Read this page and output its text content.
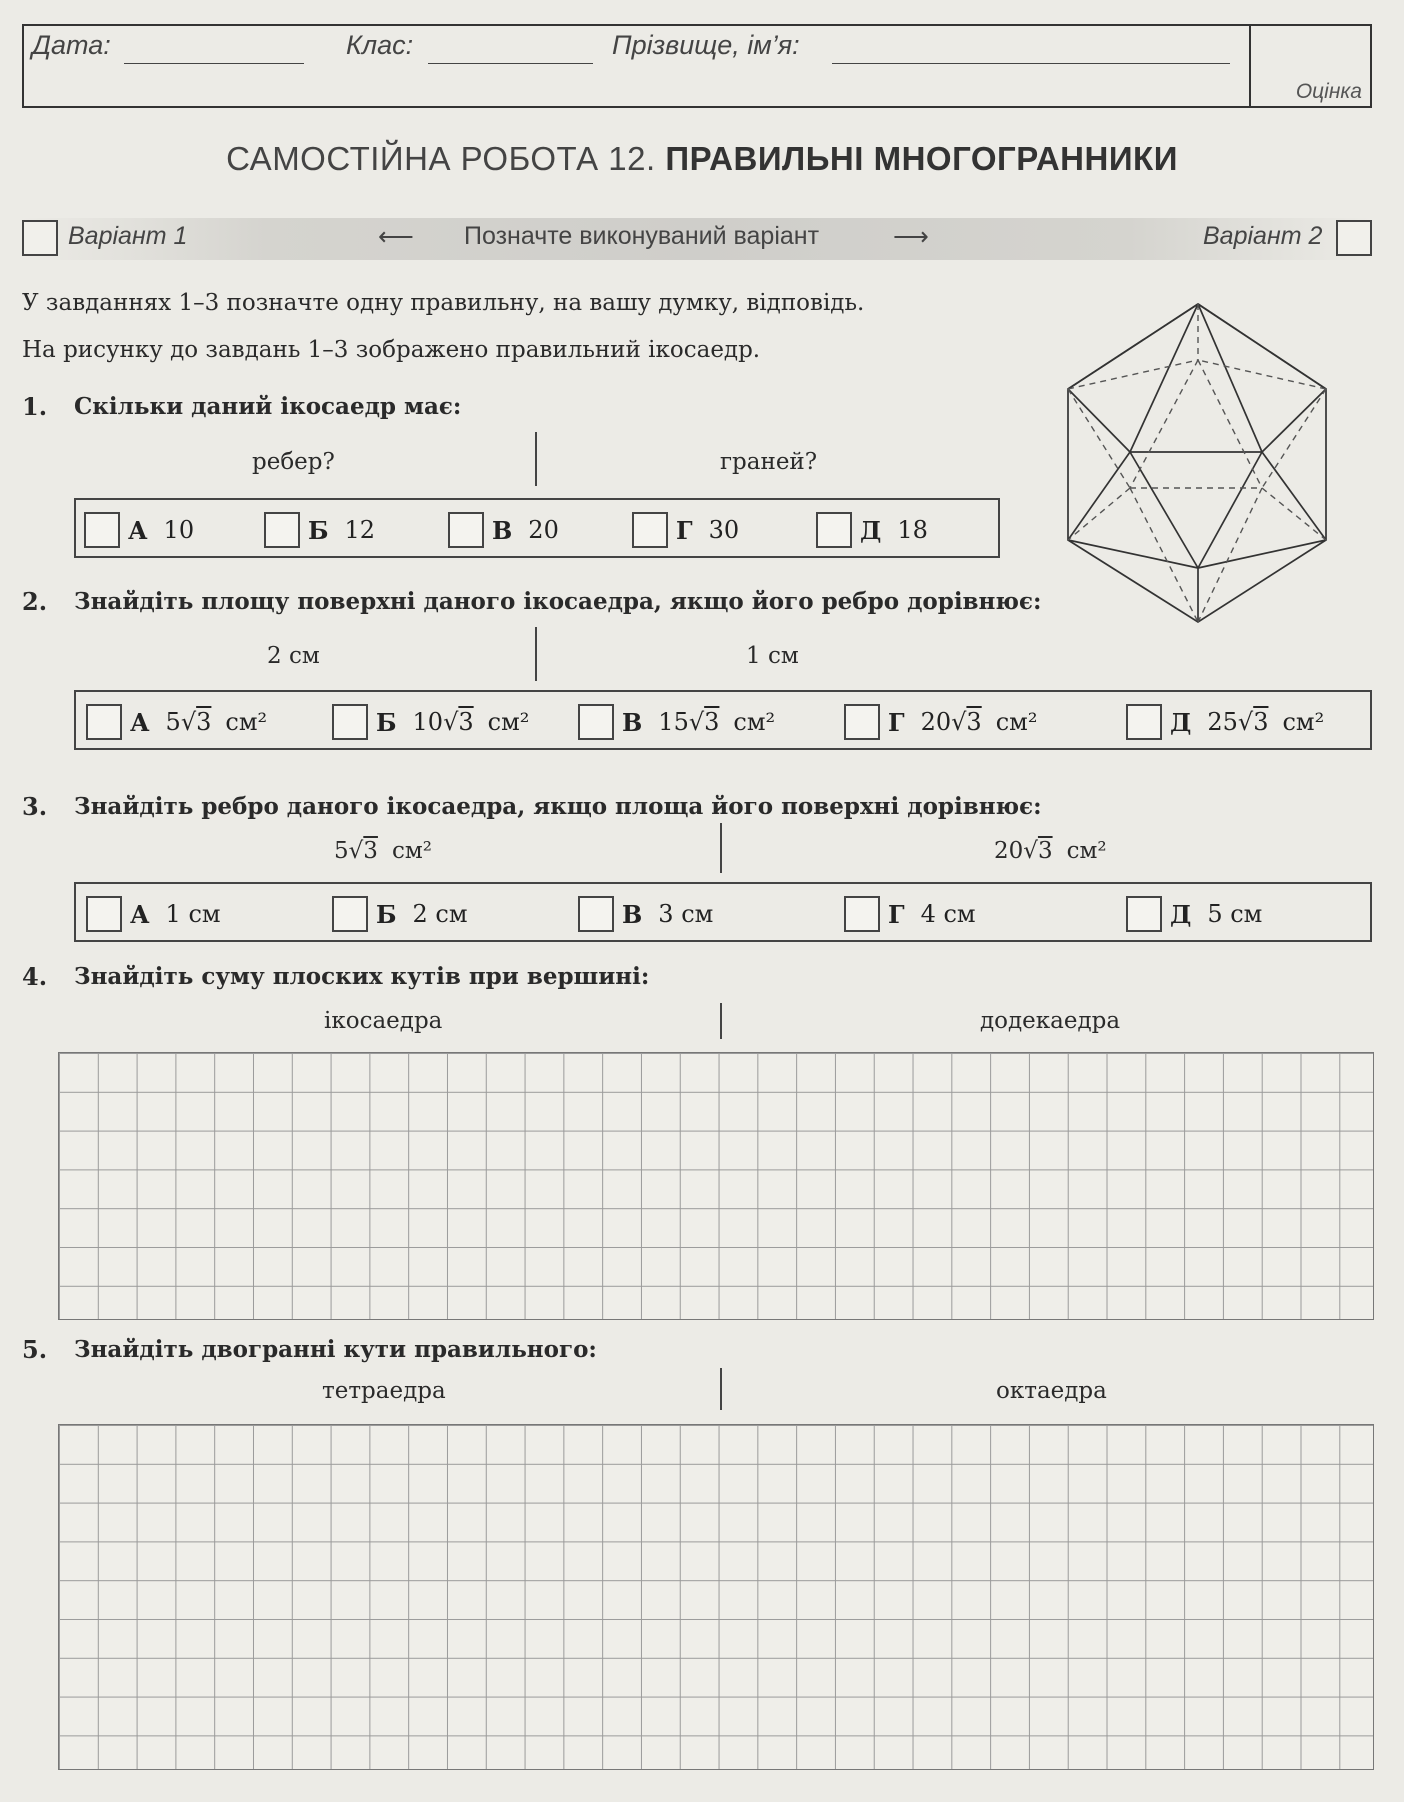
Оцінка
Дата:	Клас:	Прізвище, ім’я:
САМОСТІЙНА РОБОТА 12. ПРАВИЛЬНІ МНОГОГРАННИКИ
Варіант 1	⟵ Позначте виконуваний варіант	⟶	Варіант 2
У завданнях 1–3 позначте одну правильну, на вашу думку, відповідь.
На рисунку до завдань 1–3 зображено правильний ікосаедр.
1. Скільки даний ікосаедр має:
ребер?	граней?
А 10	Б 12	В 20	Г 30	Д 18
2. Знайдіть площу поверхні даного ікосаедра, якщо його ребро дорівнює:
2 см	1 см
А 5√3 см²	Б 10√3 см²	В 15√3 см²	Г 20√3 см²	Д 25√3 см²
3. Знайдіть ребро даного ікосаедра, якщо площа його поверхні дорівнює:
5√3 см²	20√3 см²
А 1 см	Б 2 см	В 3 см	Г 4 см	Д 5 см
4. Знайдіть суму плоских кутів при вершині:
ікосаедра	додекаедра
5. Знайдіть двогранні кути правильного:
тетраедра	октаедра
